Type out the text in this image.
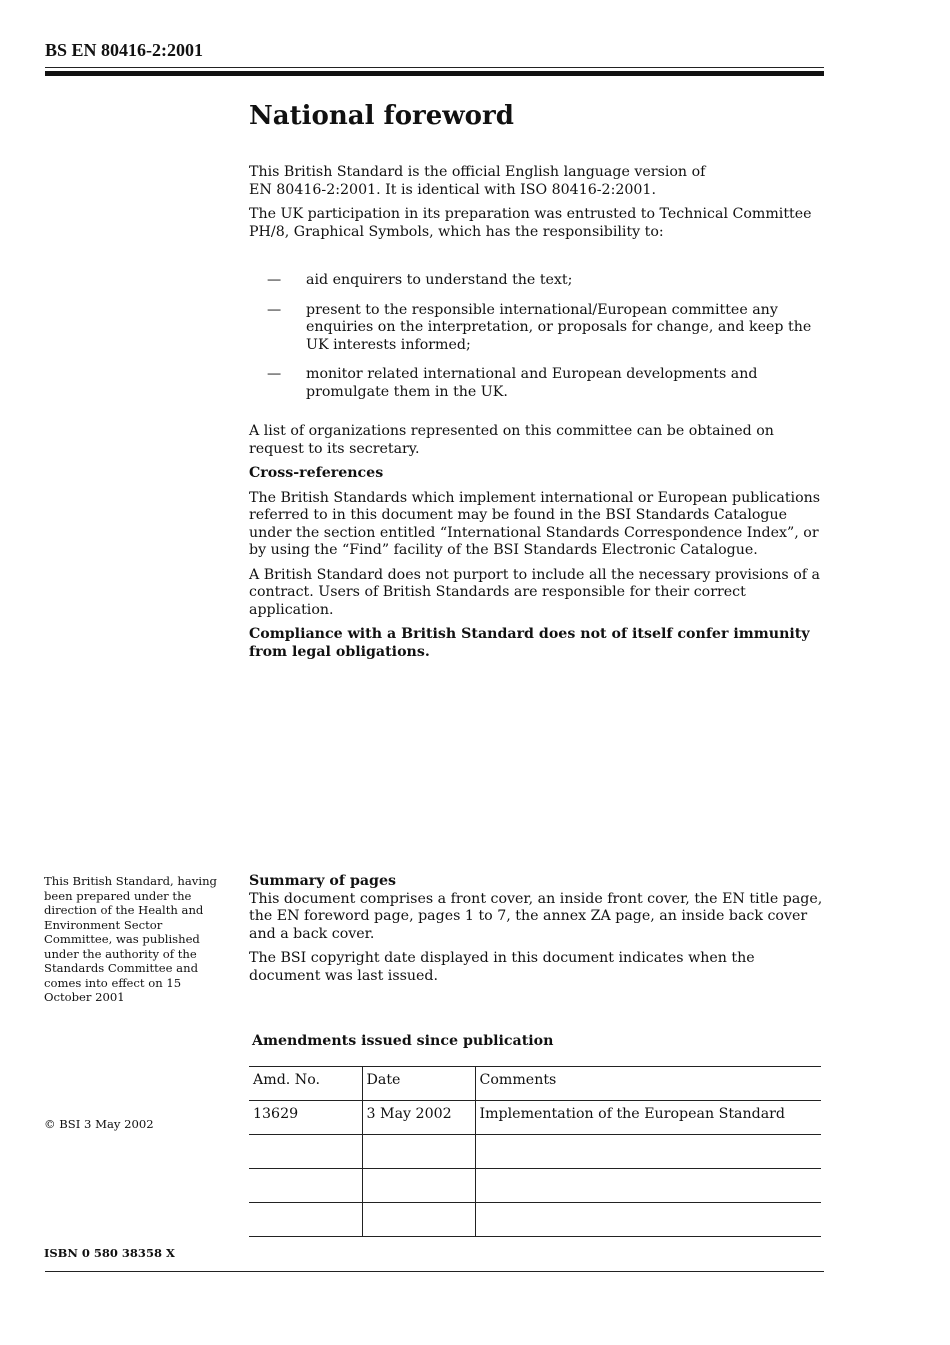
BS EN 80416-2:2001
National foreword

This British Standard is the official English language version of EN 80416-2:2001. It is identical with ISO 80416-2:2001.

The UK participation in its preparation was entrusted to Technical Committee PH/8, Graphical Symbols, which has the responsibility to:

— aid enquirers to understand the text;
— present to the responsible international/European committee any enquiries on the interpretation, or proposals for change, and keep the UK interests informed;
— monitor related international and European developments and promulgate them in the UK.

A list of organizations represented on this committee can be obtained on request to its secretary.

Cross-references

The British Standards which implement international or European publications referred to in this document may be found in the BSI Standards Catalogue under the section entitled “International Standards Correspondence Index”, or by using the “Find” facility of the BSI Standards Electronic Catalogue.

A British Standard does not purport to include all the necessary provisions of a contract. Users of British Standards are responsible for their correct application.

Compliance with a British Standard does not of itself confer immunity from legal obligations.

This British Standard, having been prepared under the direction of the Health and Environment Sector Committee, was published under the authority of the Standards Committee and comes into effect on 15 October 2001

Summary of pages

This document comprises a front cover, an inside front cover, the EN title page, the EN foreword page, pages 1 to 7, the annex ZA page, an inside back cover and a back cover.

The BSI copyright date displayed in this document indicates when the document was last issued.

Amendments issued since publication
Amd. No.	Date	Comments
13629	3 May 2002	Implementation of the European Standard

© BSI 3 May 2002
ISBN 0 580 38358 X
